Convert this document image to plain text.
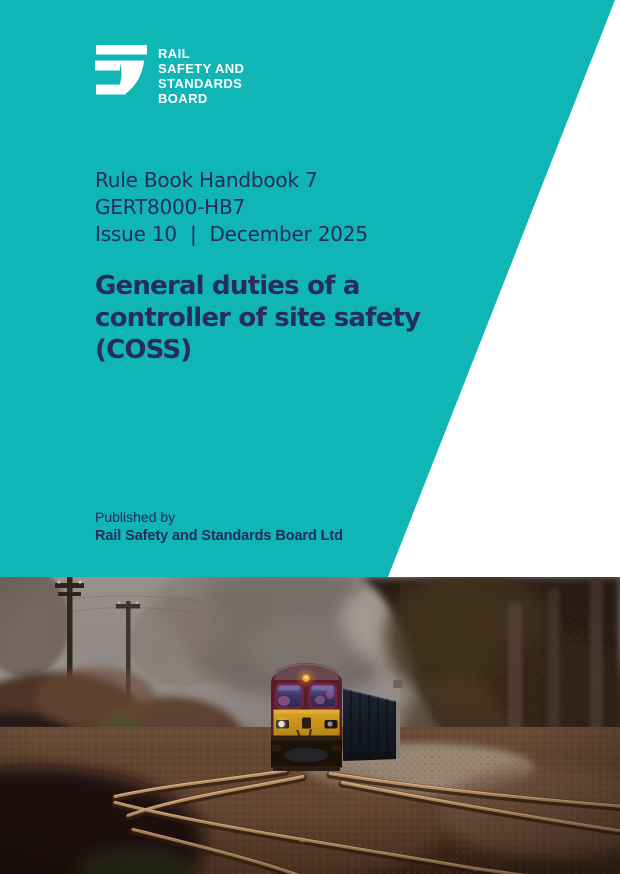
RAIL
SAFETY AND
STANDARDS
BOARD
Rule Book Handbook 7
GERT8000-HB7
Issue 10 | December 2025
General duties of a
controller of site safety
(COSS)
Published by
Rail Safety and Standards Board Ltd
